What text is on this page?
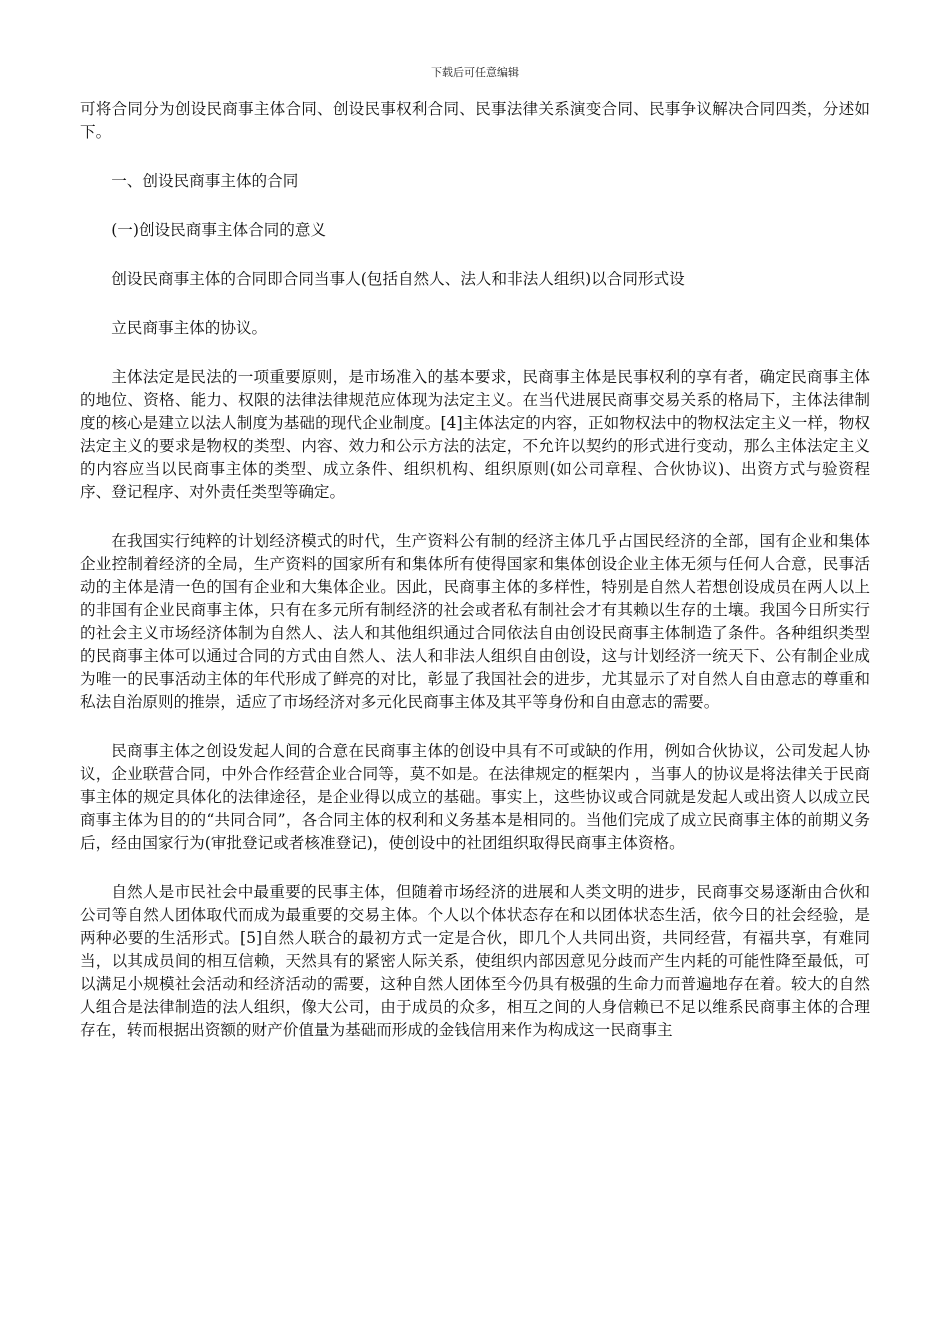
下载后可任意编辑

可将合同分为创设民商事主体合同、创设民事权利合同、民事法律关系演变合同、民事争议解决合同四类，分述如下。

一、创设民商事主体的合同

(一)创设民商事主体合同的意义

创设民商事主体的合同即合同当事人(包括自然人、法人和非法人组织)以合同形式设

立民商事主体的协议。

主体法定是民法的一项重要原则，是市场准入的基本要求，民商事主体是民事权利的享有者，确定民商事主体的地位、资格、能力、权限的法律法律规范应体现为法定主义。在当代进展民商事交易关系的格局下，主体法律制度的核心是建立以法人制度为基础的现代企业制度。[4]主体法定的内容，正如物权法中的物权法定主义一样，物权法定主义的要求是物权的类型、内容、效力和公示方法的法定，不允许以契约的形式进行变动，那么主体法定主义的内容应当以民商事主体的类型、成立条件、组织机构、组织原则(如公司章程、合伙协议)、出资方式与验资程序、登记程序、对外责任类型等确定。

在我国实行纯粹的计划经济模式的时代，生产资料公有制的经济主体几乎占国民经济的全部，国有企业和集体企业控制着经济的全局，生产资料的国家所有和集体所有使得国家和集体创设企业主体无须与任何人合意，民事活动的主体是清一色的国有企业和大集体企业。因此，民商事主体的多样性，特别是自然人若想创设成员在两人以上的非国有企业民商事主体，只有在多元所有制经济的社会或者私有制社会才有其赖以生存的土壤。我国今日所实行的社会主义市场经济体制为自然人、法人和其他组织通过合同依法自由创设民商事主体制造了条件。各种组织类型的民商事主体可以通过合同的方式由自然人、法人和非法人组织自由创设，这与计划经济一统天下、公有制企业成为唯一的民事活动主体的年代形成了鲜亮的对比，彰显了我国社会的进步，尤其显示了对自然人自由意志的尊重和私法自治原则的推崇，适应了市场经济对多元化民商事主体及其平等身份和自由意志的需要。

民商事主体之创设发起人间的合意在民商事主体的创设中具有不可或缺的作用，例如合伙协议，公司发起人协议，企业联营合同，中外合作经营企业合同等，莫不如是。在法律规定的框架内 ，当事人的协议是将法律关于民商事主体的规定具体化的法律途径，是企业得以成立的基础。事实上，这些协议或合同就是发起人或出资人以成立民商事主体为目的的“共同合同”，各合同主体的权利和义务基本是相同的。当他们完成了成立民商事主体的前期义务后，经由国家行为(审批登记或者核准登记)，使创设中的社团组织取得民商事主体资格。

自然人是市民社会中最重要的民事主体，但随着市场经济的进展和人类文明的进步，民商事交易逐渐由合伙和公司等自然人团体取代而成为最重要的交易主体。个人以个体状态存在和以团体状态生活，依今日的社会经验，是两种必要的生活形式。[5]自然人联合的最初方式一定是合伙，即几个人共同出资，共同经营，有福共享，有难同当，以其成员间的相互信赖，天然具有的紧密人际关系，使组织内部因意见分歧而产生内耗的可能性降至最低，可以满足小规模社会活动和经济活动的需要，这种自然人团体至今仍具有极强的生命力而普遍地存在着。较大的自然人组合是法律制造的法人组织，像大公司，由于成员的众多，相互之间的人身信赖已不足以维系民商事主体的合理存在，转而根据出资额的财产价值量为基础而形成的金钱信用来作为构成这一民商事主
